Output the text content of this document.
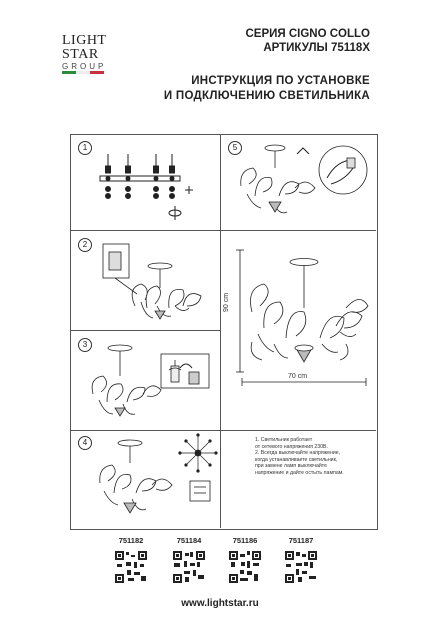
LIGHT
STAR
GROUP
СЕРИЯ CIGNO COLLO
АРТИКУЛЫ 75118X
ИНСТРУКЦИЯ ПО УСТАНОВКЕ
И ПОДКЛЮЧЕНИЮ СВЕТИЛЬНИКА
1
2
3
4
5
90 cm
70 cm
1. Светильник работает
от сетевого напряжения 230В.
2. Всегда выключайте напряжение,
когда устанавливаете светильник,
при замене ламп выключайте
напряжение и дайте остыть лампам.
751182	751184	751186	751187
www.lightstar.ru
